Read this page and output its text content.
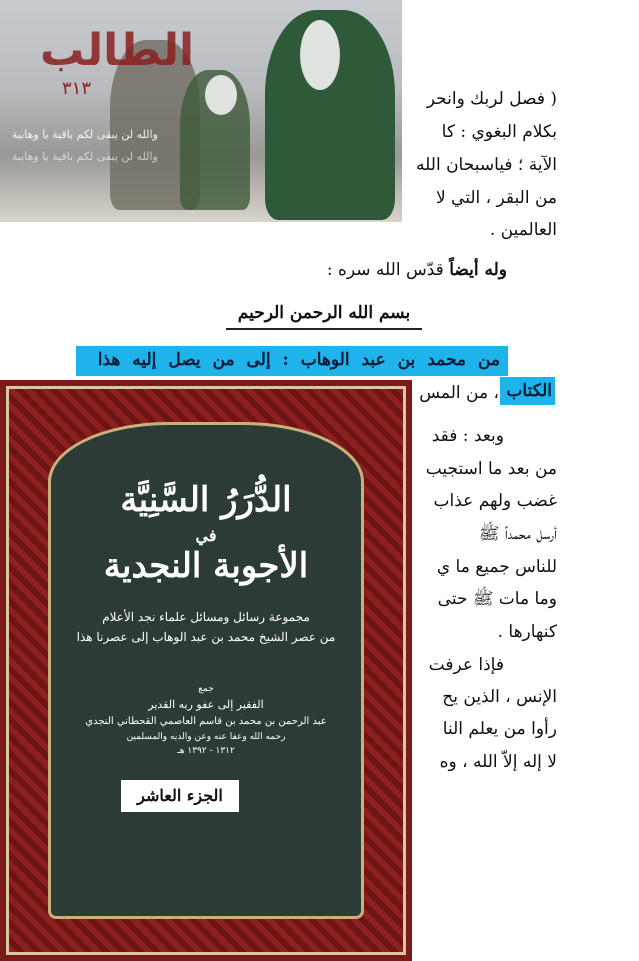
الطالب
٣١٣
والله لن يبقى لكم باقية يا وهابية
والله لن يبقى لكم باقية يا وهابية
( فصل لربك وانحر
بكلام البغوي : كا
الآية ؛ فياسبحان الله
من البقر ، التي لا
العالمين .
وله أيضاً قدّس الله سره :
بسم الله الرحمن الرحيم
من محمد بن عبد الوهاب : إلى من يصل إليه هذا
الكتاب
، من المس
وبعد : فقد
من بعد ما استجيب
غضب ولهم عذاب
أرسل محمداً ﷺ
للناس جميع ما ي
وما مات ﷺ حتى
كنهارها .
فإذا عرفت
الإنس ، الذين يح
رأوا من يعلم النا
لا إله إلاّ الله ، وه
الدُّرَرُ السَّنِيَّة
في
الأجوبة النجدية
مجموعة رسائل ومسائل علماء نجد الأعلام
من عصر الشيخ محمد بن عبد الوهاب إلى عصرنا هذا
جمع
الفقير إلى عفو ربه القدير
عبد الرحمن بن محمد بن قاسم العاصمي القحطاني النجدي
رحمه الله وعفا عنه وعن والديه والمسلمين
١٣١٢ - ١٣٩٢ هـ
الجزء العاشر
